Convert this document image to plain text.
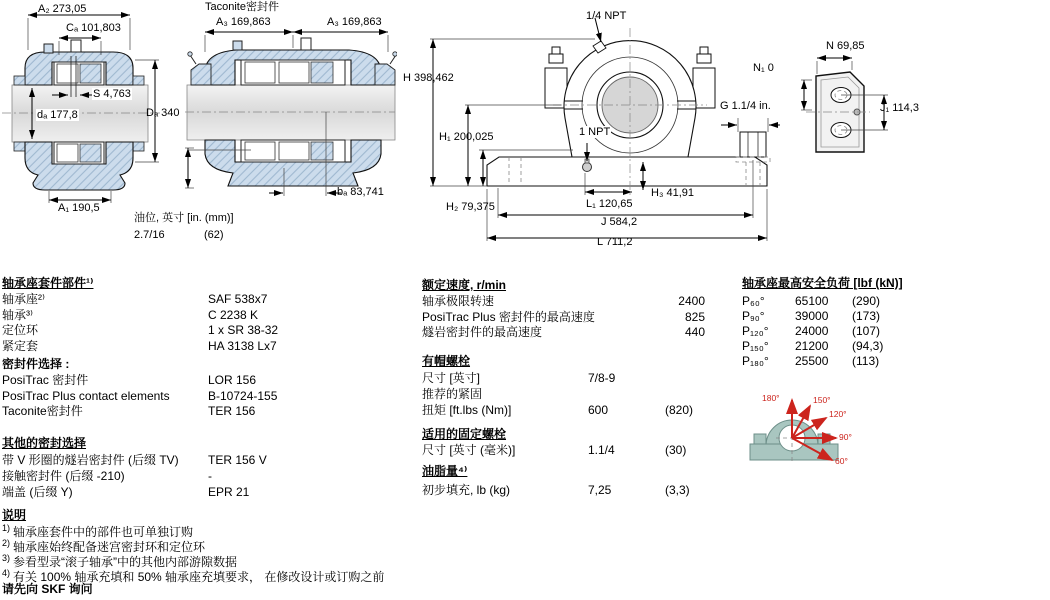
180°	150°
120°
90°
60°
A₂ 273,05
Cₐ 101,803
S 4,763
dₐ 177,8	Dₐ 340
A₁ 190,5
Taconite密封件
A₃ 169,863	A₃ 169,863
bₐ 83,741
油位, 英寸 [in. (mm)]
2.7/16	(62)
1/4 NPT
H 398,462
H₁ 200,025	1 NPT
G 1.1/4 in.
N₁ 0
H₃ 41,91
H₂ 79,375	L₁ 120,65
J 584,2
L 711,2
N 69,85
J₁ 114,3
轴承座套件部件¹⁾
轴承座²⁾	SAF 538x7
轴承³⁾	C 2238 K
定位环	1 x SR 38-32
紧定套	HA 3138 Lx7
密封件选择 :
PosiTrac 密封件	LOR 156
PosiTrac Plus contact elements	B-10724-155
Taconite密封件	TER 156
其他的密封选择
带 V 形圈的燧岩密封件 (后缀 TV) TER 156 V
接触密封件 (后缀 -210)	-
端盖 (后缀 Y)	EPR 21
额定速度, r/min
轴承极限转速	2400
PosiTrac Plus 密封件的最高速度	825
燧岩密封件的最高速度	440
有帽螺栓
尺寸 [英寸]	7/8-9
推荐的紧固
扭矩 [ft.lbs (Nm)]	600	(820)
适用的固定螺栓
尺寸 [英寸 (毫米)]	1.1/4	(30)
油脂量⁴⁾
初步填充, lb (kg)	7,25	(3,3)
轴承座最高安全负荷 [lbf (kN)]
P₆₀°	65100 (290)
P₉₀°	39000 (173)
P₁₂₀° 24000 (107)
P₁₅₀° 21200 (94,3)
P₁₈₀° 25500 (113)
说明
$^{1)}$ 轴承座套件中的部件也可单独订购
$^{2)}$ 轴承座始终配备迷宫密封环和定位环
$^{3)}$ 参看型录“滚子轴承”中的其他内部游隙数据
$^{4)}$ 有关 100% 轴承充填和 50% 轴承座充填要求， 在修改设计或订购之前
请先向 SKF 询问
